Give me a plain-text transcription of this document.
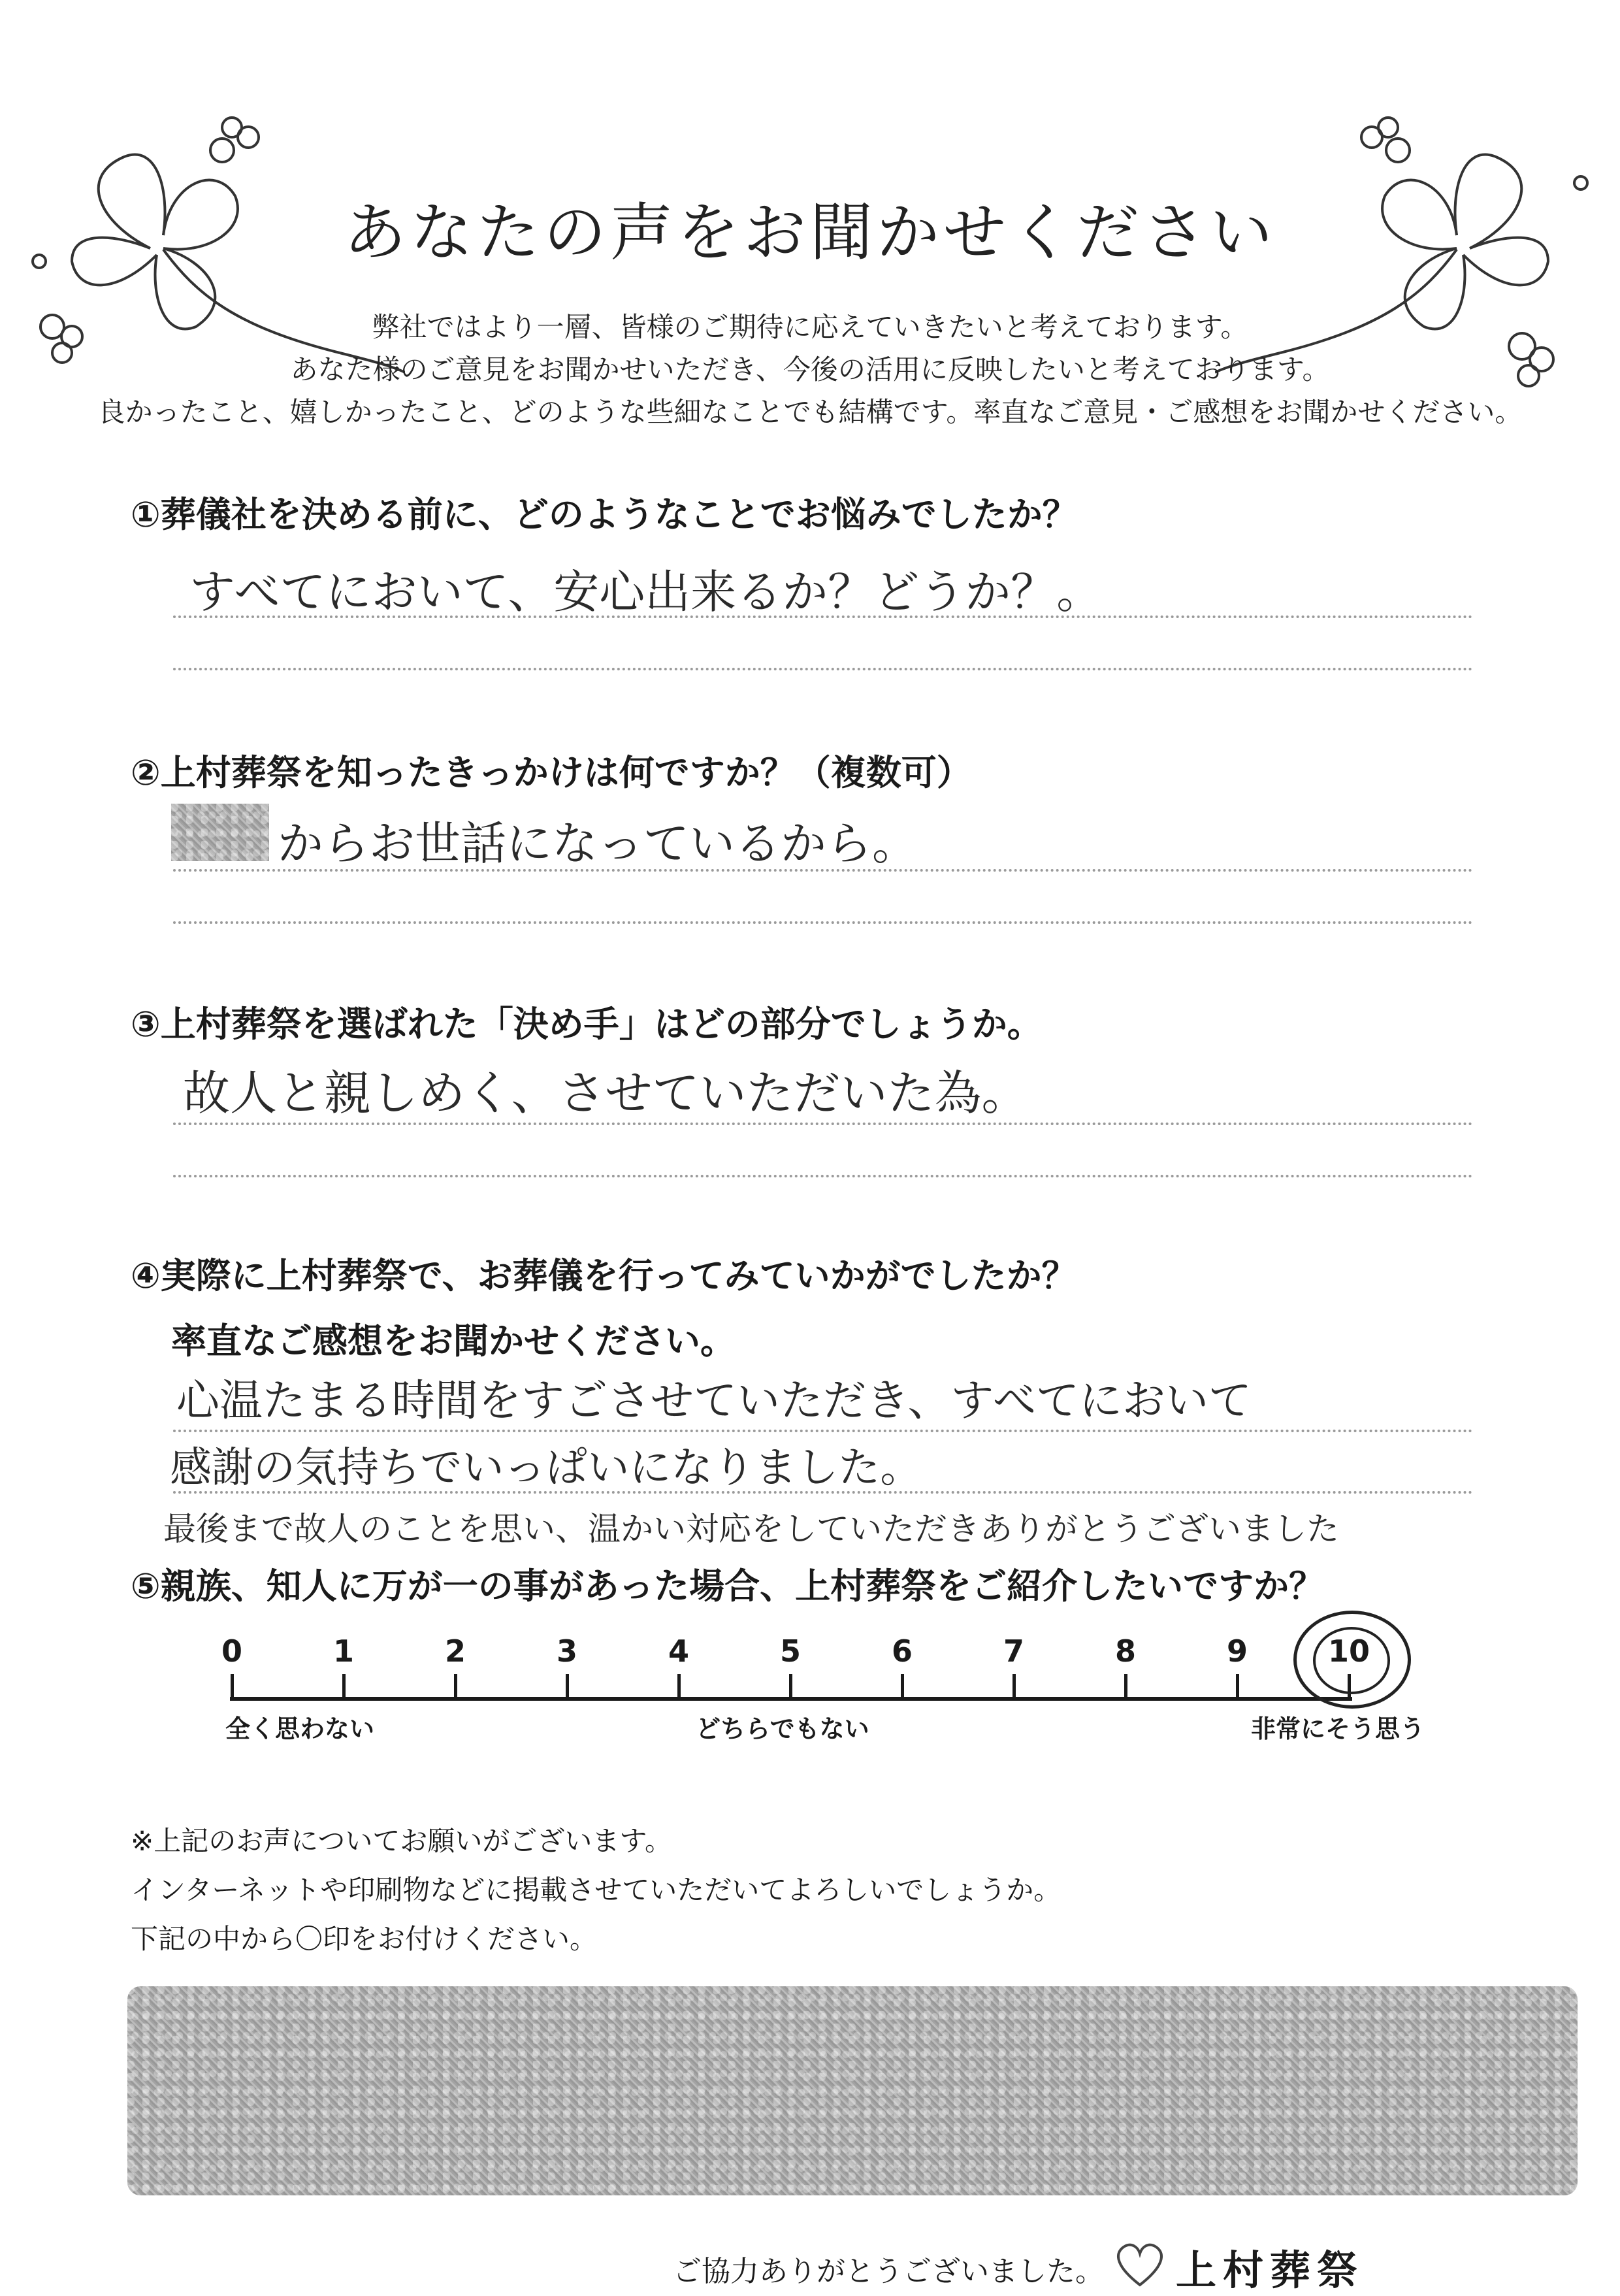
あなたの声をお聞かせください
弊社ではより一層、皆様のご期待に応えていきたいと考えております。
あなた様のご意見をお聞かせいただき、今後の活用に反映したいと考えております。
良かったこと、嬉しかったこと、どのような些細なことでも結構です。率直なご意見・ご感想をお聞かせください。
①葬儀社を決める前に、どのようなことでお悩みでしたか？
すべてにおいて、安心出来るか？どうか？。
②上村葬祭を知ったきっかけは何ですか？（複数可）
からお世話になっているから。
③上村葬祭を選ばれた「決め手」はどの部分でしょうか。
故人と親しめく、させていただいた為。
④実際に上村葬祭で、お葬儀を行ってみていかがでしたか？
率直なご感想をお聞かせください。
心温たまる時間をすごさせていただき、すべてにおいて
感謝の気持ちでいっぱいになりました。
最後まで故人のことを思い、温かい対応をしていただきありがとうございました
⑤親族、知人に万が一の事があった場合、上村葬祭をご紹介したいですか？
0	1	2	3	4	5	6	7	8	9	10
全く思わない	どちらでもない	非常にそう思う
※上記のお声についてお願いがございます。
インターネットや印刷物などに掲載させていただいてよろしいでしょうか。
下記の中から〇印をお付けください。
ご協力ありがとうございました。 上村葬祭
